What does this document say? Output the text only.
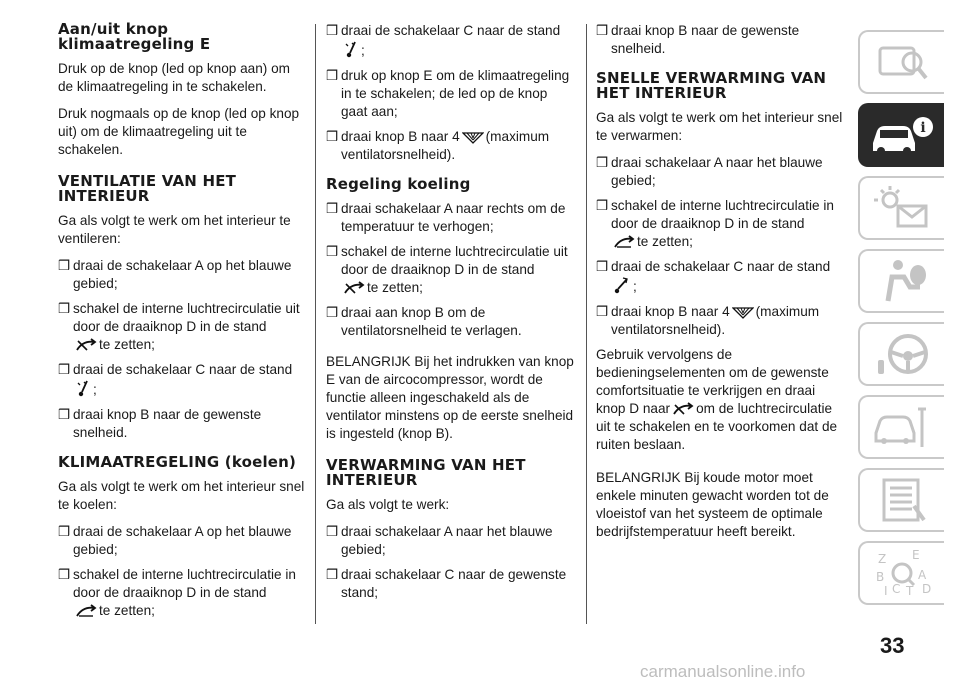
Aan/uit knop klimaatregeling E
Druk op de knop (led op knop aan) om de klimaatregeling in te schakelen.
Druk nogmaals op de knop (led op knop uit) om de klimaatregeling uit te schakelen.
VENTILATIE VAN HET INTERIEUR
Ga als volgt te werk om het interieur te ventileren:
❒ draai de schakelaar A op het blauwe gebied;
❒ schakel de interne luchtrecirculatie uit door de draaiknop D in de stand
te zetten;
❒ draai de schakelaar C naar de stand
;
❒ draai knop B naar de gewenste snelheid.
KLIMAATREGELING (koelen)
Ga als volgt te werk om het interieur snel te koelen:
❒ draai de schakelaar A op het blauwe gebied;
❒ schakel de interne luchtrecirculatie in door de draaiknop D in de stand
te zetten;
❒ draai de schakelaar C naar de stand
;
❒ druk op knop E om de klimaatregeling in te schakelen; de led op de knop gaat aan;
❒ draai knop B naar 4 (maximum ventilatorsnelheid).
Regeling koeling
❒ draai schakelaar A naar rechts om de temperatuur te verhogen;
❒ schakel de interne luchtrecirculatie uit door de draaiknop D in de stand
te zetten;
❒ draai aan knop B om de ventilatorsnelheid te verlagen.
BELANGRIJK Bij het indrukken van knop E van de aircocompressor, wordt de functie alleen ingeschakeld als de ventilator minstens op de eerste snelheid is ingesteld (knop B).
VERWARMING VAN HET INTERIEUR
Ga als volgt te werk:
❒ draai schakelaar A naar het blauwe gebied;
❒ draai schakelaar C naar de gewenste stand;
❒ draai knop B naar de gewenste snelheid.
SNELLE VERWARMING VAN HET INTERIEUR
Ga als volgt te werk om het interieur snel te verwarmen:
❒ draai schakelaar A naar het blauwe gebied;
❒ schakel de interne luchtrecirculatie in door de draaiknop D in de stand
te zetten;
❒ draai de schakelaar C naar de stand
;
❒ draai knop B naar 4 (maximum ventilatorsnelheid).
Gebruik vervolgens de bedieningselementen om de gewenste comfortsituatie te verkrijgen en draai knop D naar om de luchtrecirculatie uit te schakelen en te voorkomen dat de ruiten beslaan.
BELANGRIJK Bij koude motor moet enkele minuten gewacht worden tot de vloeistof van het systeem de optimale bedrijfstemperatuur heeft bereikt.
i
Z E
B	A
I C T D
33
carmanualsonline.info
